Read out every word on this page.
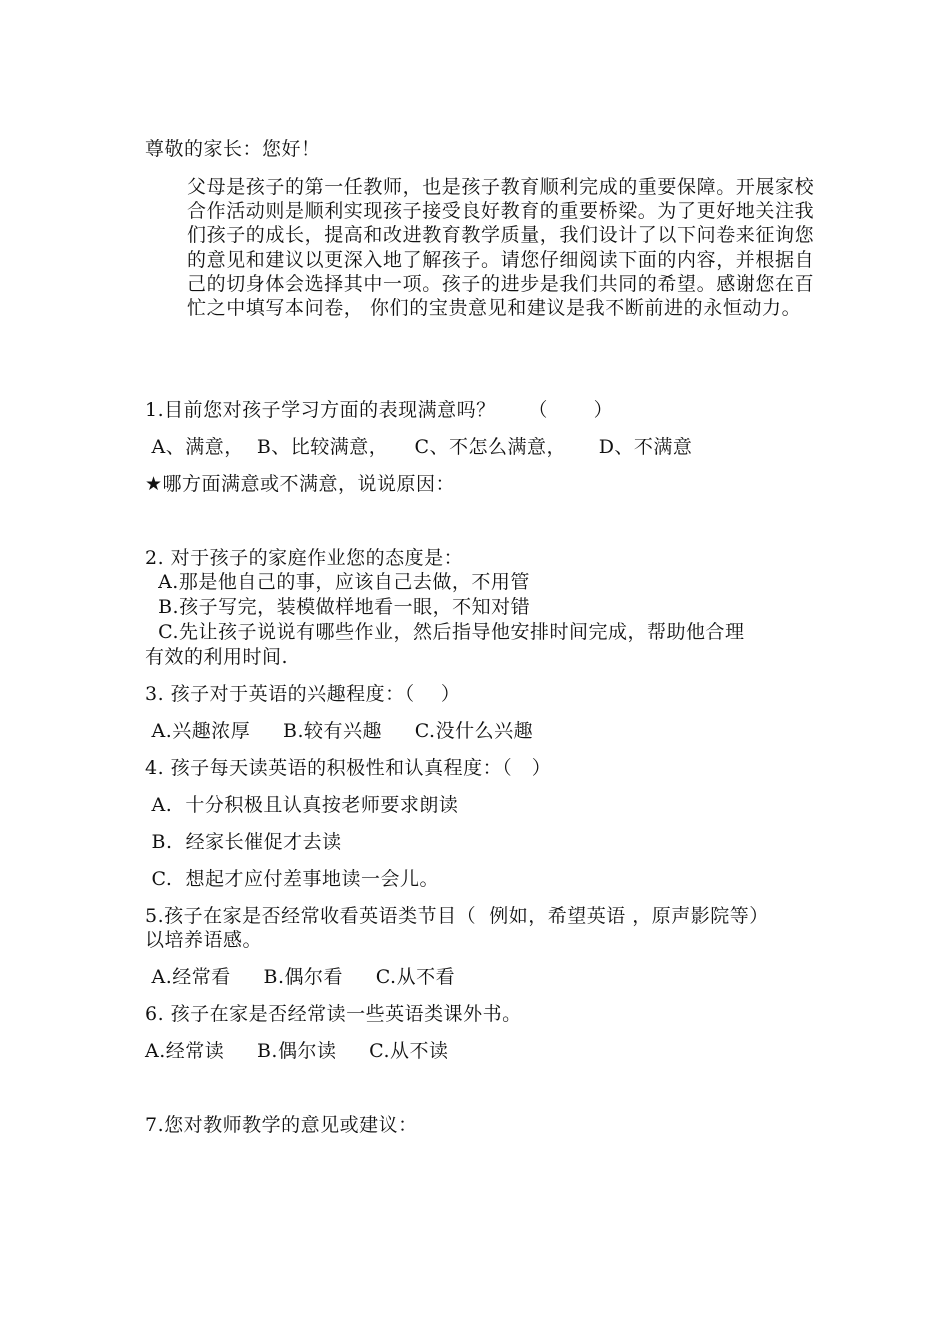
尊敬的家长：您好！
父母是孩子的第一任教师，也是孩子教育顺利完成的重要保障。开展家校合作活动则是顺利实现孩子接受良好教育的重要桥梁。为了更好地关注我们孩子的成长，提高和改进教育教学质量，我们设计了以下问卷来征询您的意见和建议以更深入地了解孩子。请您仔细阅读下面的内容，并根据自己的切身体会选择其中一项。孩子的进步是我们共同的希望。感谢您在百忙之中填写本问卷， 你们的宝贵意见和建议是我不断前进的永恒动力。
1.目前您对孩子学习方面的表现满意吗？     （       ）
A、满意，  B、比较满意，    C、不怎么满意，     D、不满意
★哪方面满意或不满意，说说原因：
2. 对于孩子的家庭作业您的态度是：
A.那是他自己的事，应该自己去做，不用管
B.孩子写完，装模做样地看一眼，不知对错
C.先让孩子说说有哪些作业，然后指导他安排时间完成，帮助他合理
有效的利用时间.
3. 孩子对于英语的兴趣程度：（    ）
A.兴趣浓厚     B.较有兴趣     C.没什么兴趣
4. 孩子每天读英语的积极性和认真程度：（   ）
A.  十分积极且认真按老师要求朗读
B.  经家长催促才去读
C.  想起才应付差事地读一会儿。
5.孩子在家是否经常收看英语类节目（  例如，希望英语 ，原声影院等）
以培养语感。
A.经常看     B.偶尔看     C.从不看
6. 孩子在家是否经常读一些英语类课外书。
A.经常读     B.偶尔读     C.从不读
7.您对教师教学的意见或建议：
